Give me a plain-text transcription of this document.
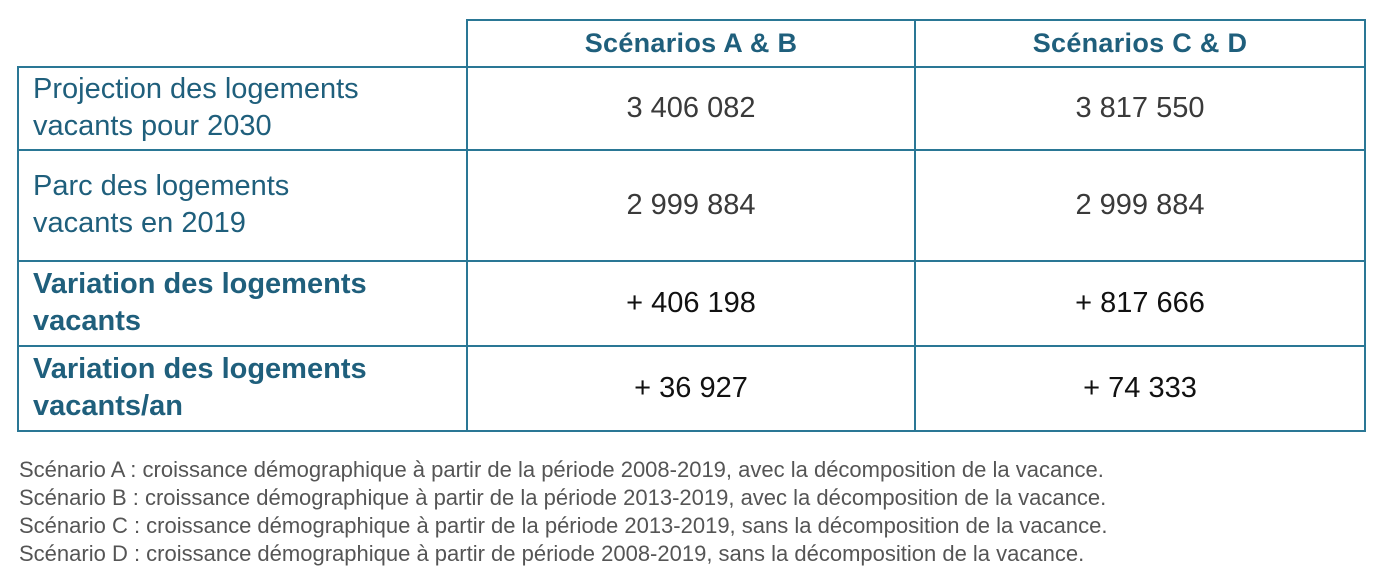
	Scénarios A & B	Scénarios C & D
Projection des logements
vacants pour 2030	3 406 082	3 817 550
Parc des logements
vacants en 2019	2 999 884	2 999 884
Variation des logements
vacants	+ 406 198	+ 817 666
Variation des logements
vacants/an	+ 36 927	+ 74 333
Scénario A : croissance démographique à partir de la période 2008-2019, avec la décomposition de la vacance.
Scénario B : croissance démographique à partir de la période 2013-2019, avec la décomposition de la vacance.
Scénario C : croissance démographique à partir de la période 2013-2019, sans la décomposition de la vacance.
Scénario D : croissance démographique à partir de période 2008-2019, sans la décomposition de la vacance.
